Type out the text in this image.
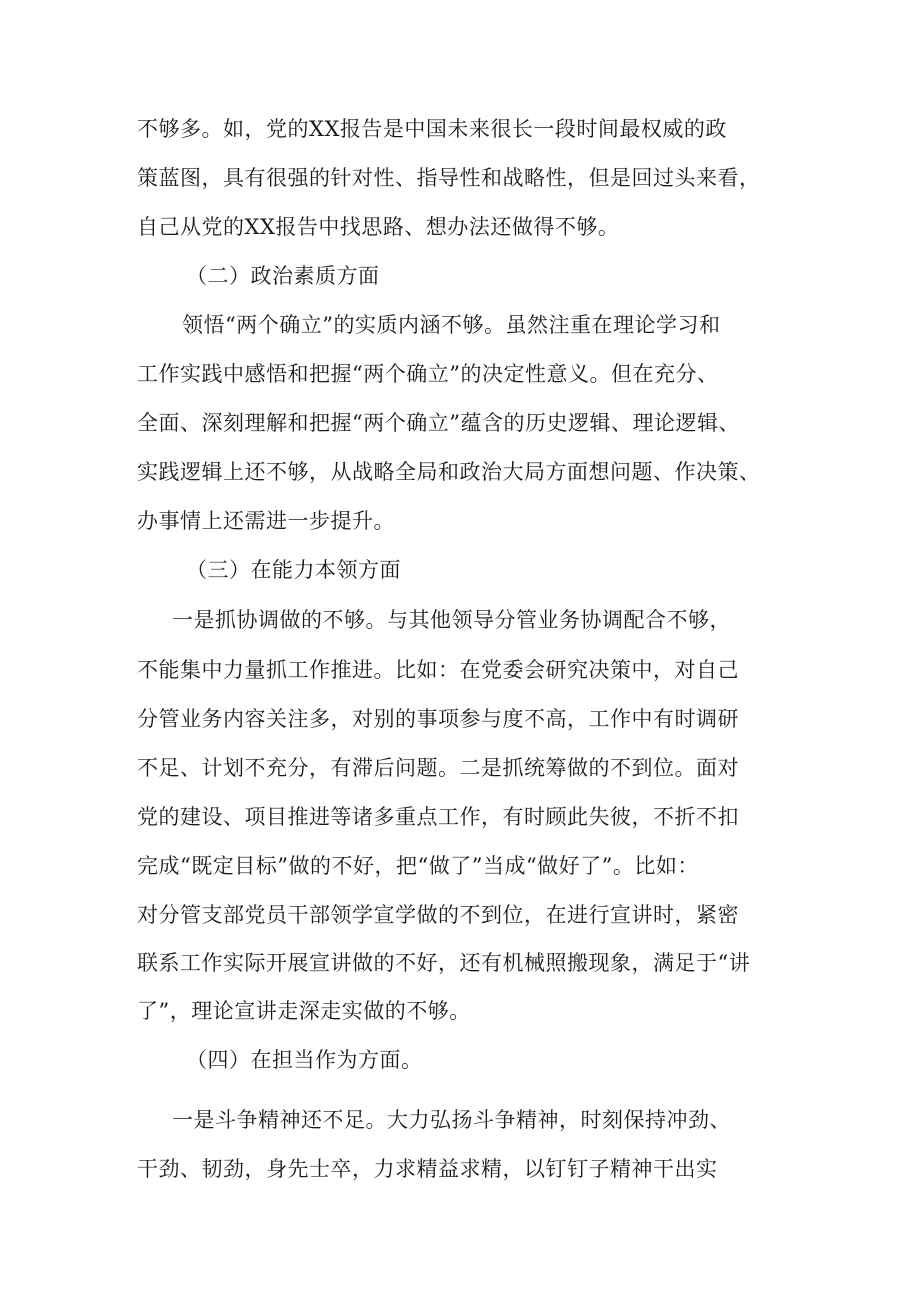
不够多。如，党的XX报告是中国未来很长一段时间最权威的政

策蓝图，具有很强的针对性、指导性和战略性，但是回过头来看，

自己从党的XX报告中找思路、想办法还做得不够。

（二）政治素质方面

领悟“两个确立”的实质内涵不够。虽然注重在理论学习和

工作实践中感悟和把握“两个确立”的决定性意义。但在充分、

全面、深刻理解和把握“两个确立”蕴含的历史逻辑、理论逻辑、

实践逻辑上还不够，从战略全局和政治大局方面想问题、作决策、

办事情上还需进一步提升。

（三）在能力本领方面

一是抓协调做的不够。与其他领导分管业务协调配合不够，

不能集中力量抓工作推进。比如：在党委会研究决策中，对自己

分管业务内容关注多，对别的事项参与度不高，工作中有时调研

不足、计划不充分，有滞后问题。二是抓统筹做的不到位。面对

党的建设、项目推进等诸多重点工作，有时顾此失彼，不折不扣

完成“既定目标”做的不好，把“做了”当成“做好了”。比如：

对分管支部党员干部领学宣学做的不到位，在进行宣讲时，紧密

联系工作实际开展宣讲做的不好，还有机械照搬现象，满足于“讲

了”，理论宣讲走深走实做的不够。

（四）在担当作为方面。

一是斗争精神还不足。大力弘扬斗争精神，时刻保持冲劲、

干劲、韧劲，身先士卒，力求精益求精，以钉钉子精神干出实
